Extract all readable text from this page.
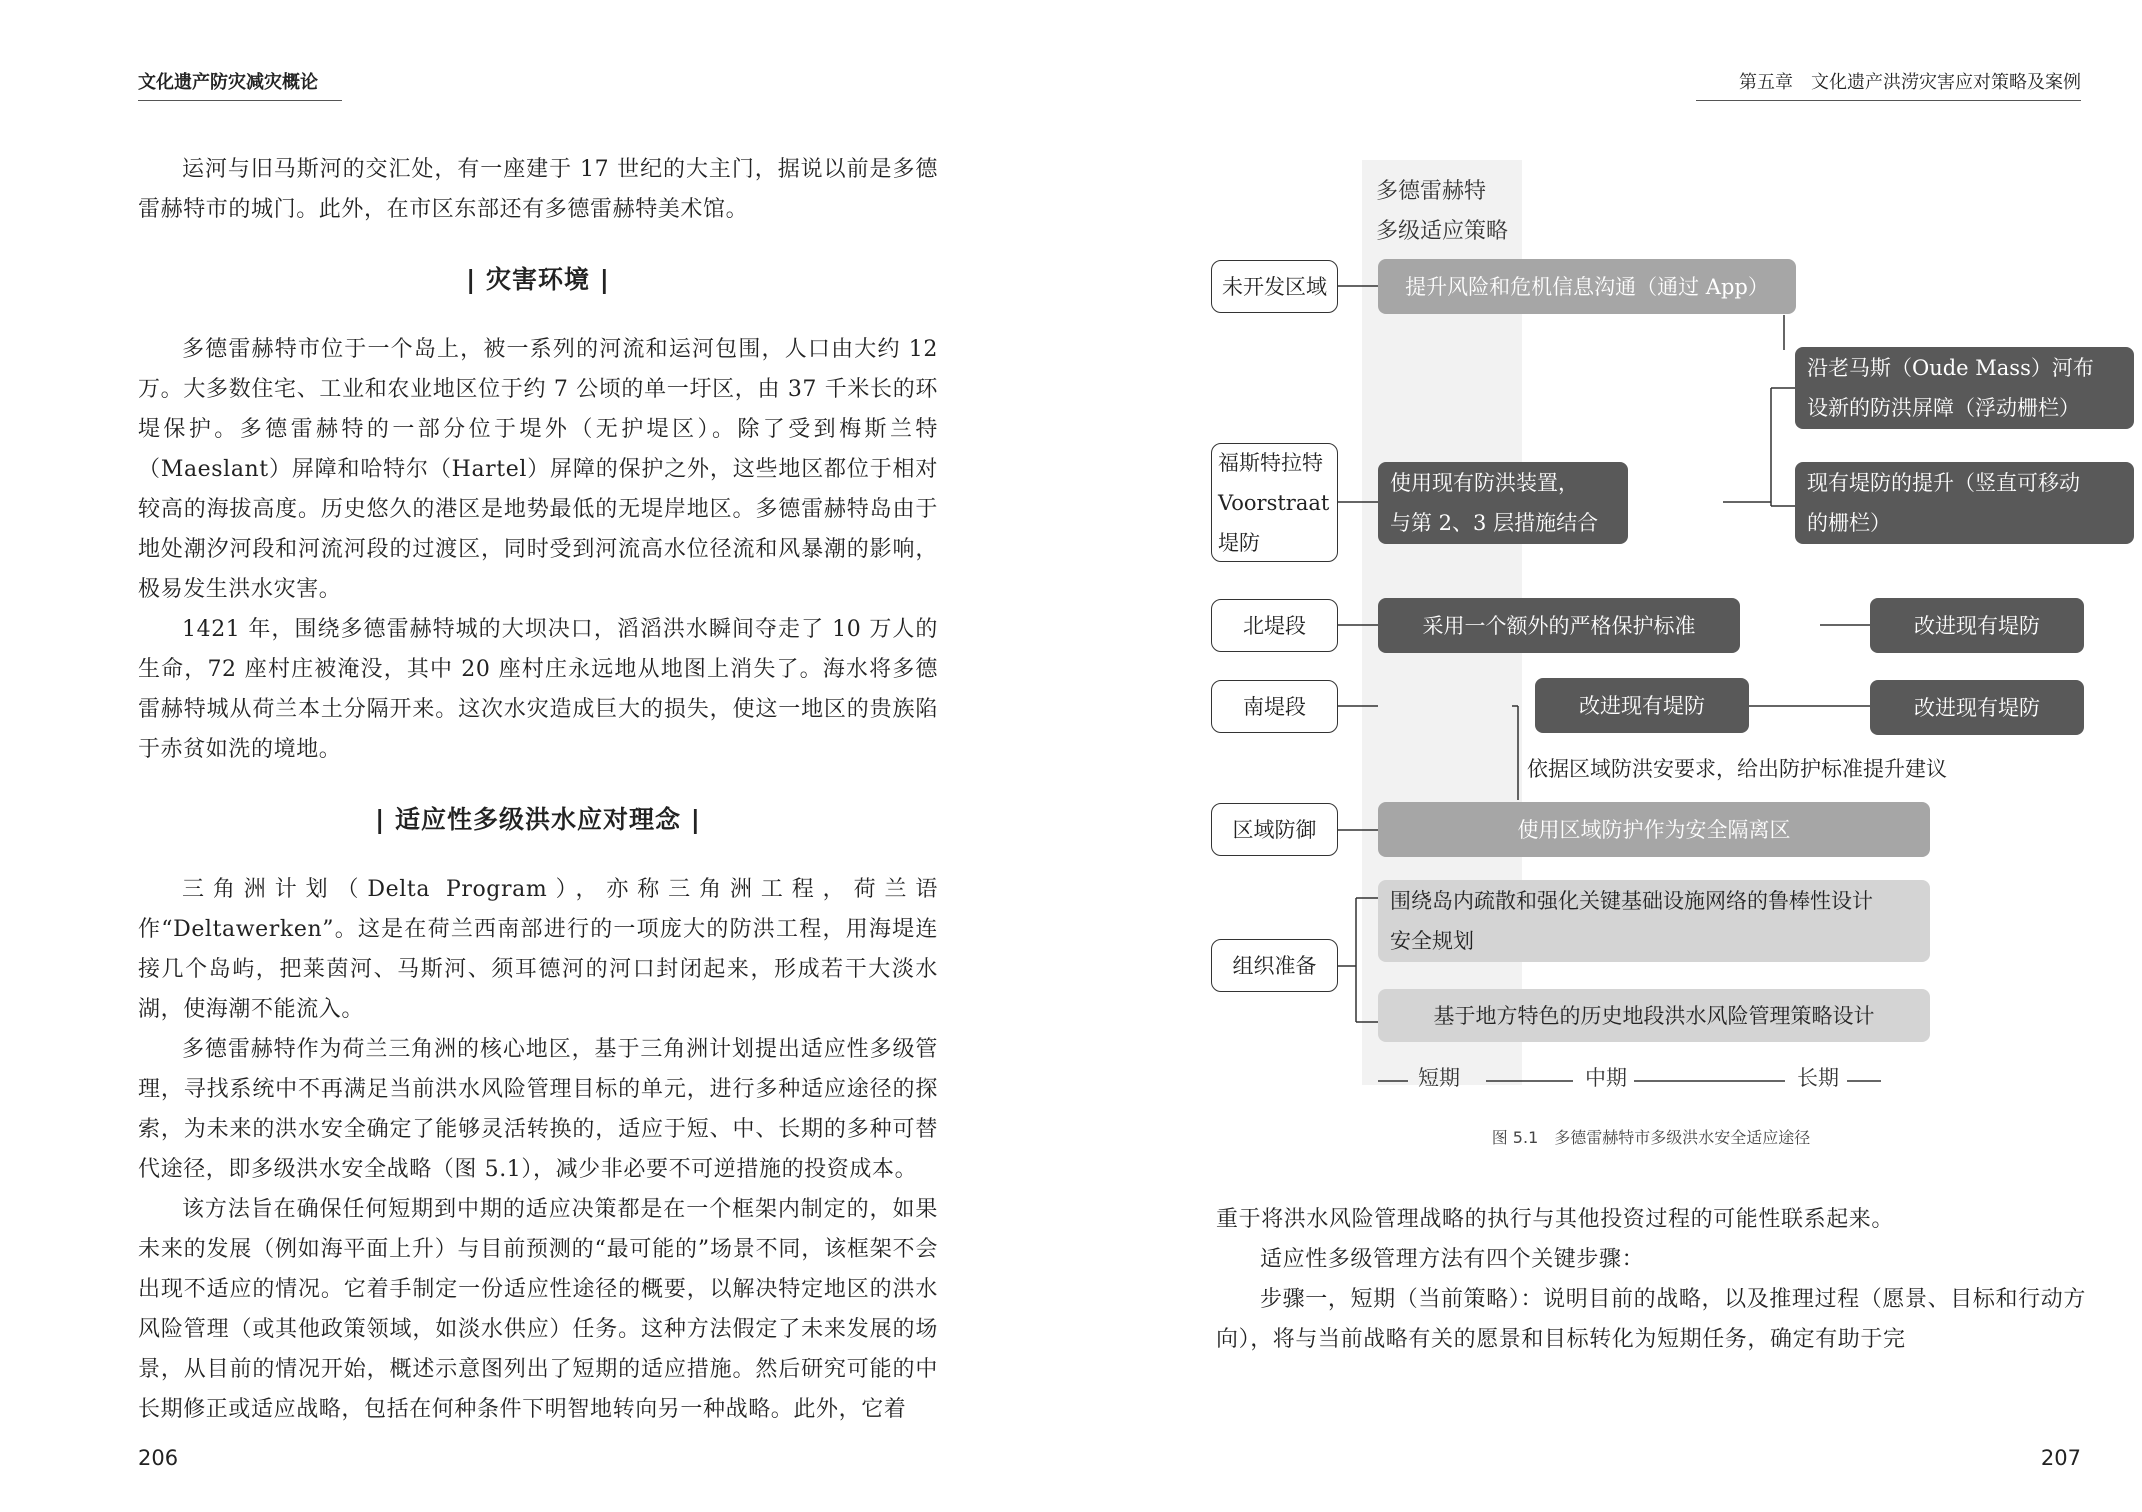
文化遗产防灾减灾概论

运河与旧马斯河的交汇处，有一座建于 17 世纪的大主门，据说以前是多德雷赫特市的城门。此外，在市区东部还有多德雷赫特美术馆。

| 灾害环境 |

多德雷赫特市位于一个岛上，被一系列的河流和运河包围，人口由大约 12 万。大多数住宅、工业和农业地区位于约 7 公顷的单一圩区，由 37 千米长的环堤保护。多德雷赫特的一部分位于堤外（无护堤区）。除了受到梅斯兰特（Maeslant）屏障和哈特尔（Hartel）屏障的保护之外，这些地区都位于相对较高的海拔高度。历史悠久的港区是地势最低的无堤岸地区。多德雷赫特岛由于地处潮汐河段和河流河段的过渡区，同时受到河流高水位径流和风暴潮的影响，极易发生洪水灾害。

1421 年，围绕多德雷赫特城的大坝决口，滔滔洪水瞬间夺走了 10 万人的生命，72 座村庄被淹没，其中 20 座村庄永远地从地图上消失了。海水将多德雷赫特城从荷兰本土分隔开来。这次水灾造成巨大的损失，使这一地区的贵族陷于赤贫如洗的境地。

| 适应性多级洪水应对理念 |

三角洲计划（Delta Program），亦称三角洲工程，荷兰语作“Deltawerken”。这是在荷兰西南部进行的一项庞大的防洪工程，用海堤连接几个岛屿，把莱茵河、马斯河、须耳德河的河口封闭起来，形成若干大淡水湖，使海潮不能流入。

多德雷赫特作为荷兰三角洲的核心地区，基于三角洲计划提出适应性多级管理，寻找系统中不再满足当前洪水风险管理目标的单元，进行多种适应途径的探索，为未来的洪水安全确定了能够灵活转换的，适应于短、中、长期的多种可替代途径，即多级洪水安全战略（图 5.1），减少非必要不可逆措施的投资成本。

该方法旨在确保任何短期到中期的适应决策都是在一个框架内制定的，如果未来的发展（例如海平面上升）与目前预测的“最可能的”场景不同，该框架不会出现不适应的情况。它着手制定一份适应性途径的概要，以解决特定地区的洪水风险管理（或其他政策领域，如淡水供应）任务。这种方法假定了未来发展的场景，从目前的情况开始，概述示意图列出了短期的适应措施。然后研究可能的中长期修正或适应战略，包括在何种条件下明智地转向另一种战略。此外，它着

206
第五章　文化遗产洪涝灾害应对策略及案例
多德雷赫特
多级适应策略
未开发区域
福斯特拉特
Voorstraat
堤防
北堤段
南堤段
区域防御
组织准备
提升风险和危机信息沟通（通过 App）
沿老马斯（Oude Mass）河布
设新的防洪屏障（浮动栅栏）
使用现有防洪装置，
与第 2、3 层措施结合
现有堤防的提升（竖直可移动
的栅栏）
采用一个额外的严格保护标准	改进现有堤防
改进现有堤防	改进现有堤防
依据区域防洪安要求，给出防护标准提升建议
使用区域防护作为安全隔离区
围绕岛内疏散和强化关键基础设施网络的鲁棒性设计
安全规划
基于地方特色的历史地段洪水风险管理策略设计
短期	中期	长期
图 5.1　多德雷赫特市多级洪水安全适应途径

重于将洪水风险管理战略的执行与其他投资过程的可能性联系起来。

适应性多级管理方法有四个关键步骤：

步骤一，短期（当前策略）：说明目前的战略，以及推理过程（愿景、目标和行动方向），将与当前战略有关的愿景和目标转化为短期任务，确定有助于完

207
